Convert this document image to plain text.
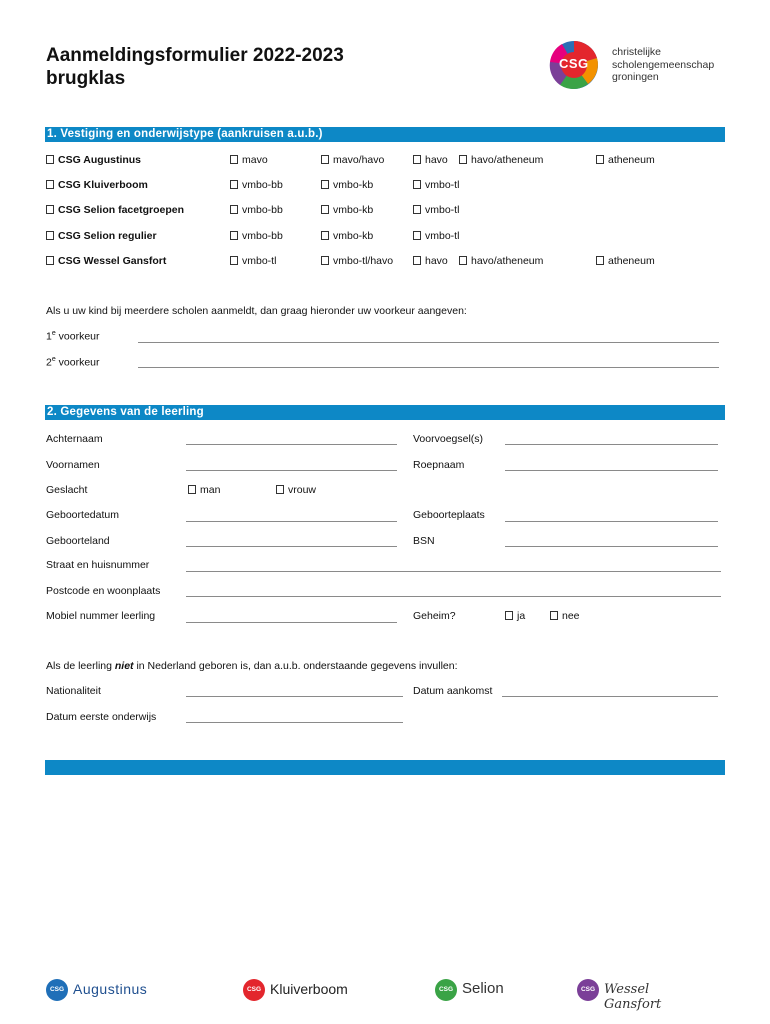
Aanmeldingsformulier 2022-2023
brugklas
CSG
christelijke
scholengemeenschap
groningen
1. Vestiging en onderwijstype (aankruisen a.u.b.)
CSG Augustinus	mavo	mavo/havo	havo	havo/atheneum	atheneum
CSG Kluiverboom	vmbo-bb	vmbo-kb	vmbo-tl
CSG Selion facetgroepen	vmbo-bb	vmbo-kb	vmbo-tl
CSG Selion regulier	vmbo-bb	vmbo-kb	vmbo-tl
CSG Wessel Gansfort	vmbo-tl	vmbo-tl/havo	havo	havo/atheneum	atheneum
Als u uw kind bij meerdere scholen aanmeldt, dan graag hieronder uw voorkeur aangeven:
1e voorkeur
2e voorkeur
2. Gegevens van de leerling
Achternaam	Voorvoegsel(s)
Voornamen	Roepnaam
Geslacht	man	vrouw
Geboortedatum	Geboorteplaats
Geboorteland	BSN
Straat en huisnummer
Postcode en woonplaats
Mobiel nummer leerling	Geheim?	ja	nee
Als de leerling niet in Nederland geboren is, dan a.u.b. onderstaande gegevens invullen:
Nationaliteit	Datum aankomst
Datum eerste onderwijs
CSG Augustinus	CSG Kluiverboom	CSG Selion	CSG Wessel Gansfort
